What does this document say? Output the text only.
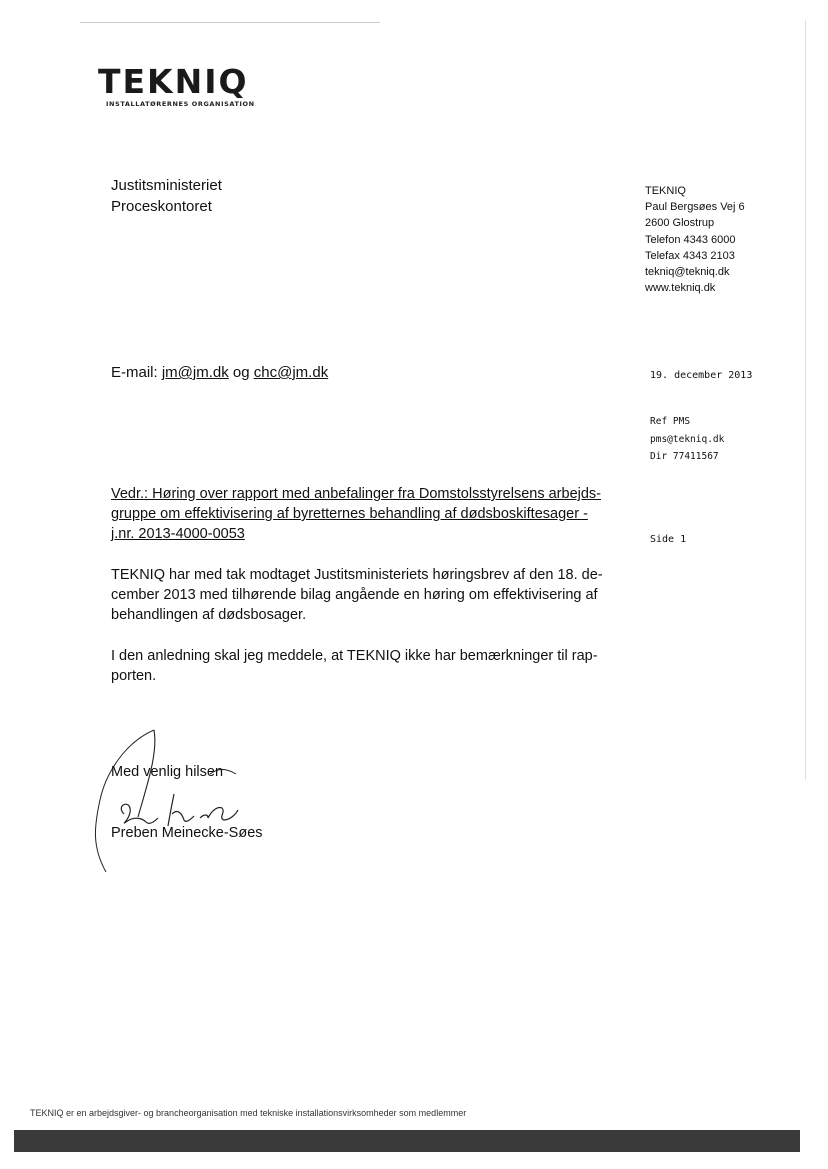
TEKNIQ
INSTALLATØRERNES ORGANISATION
Justitsministeriet
Proceskontoret
TEKNIQ
Paul Bergsøes Vej 6
2600 Glostrup
Telefon 4343 6000
Telefax 4343 2103
tekniq@tekniq.dk
www.tekniq.dk
E-mail: jm@jm.dk og chc@jm.dk	19. december 2013
Ref PMS
pms@tekniq.dk
Dir 77411567
Vedr.: Høring over rapport med anbefalinger fra Domstolsstyrelsens arbejds-
gruppe om effektivisering af byretternes behandling af dødsboskiftesager -
j.nr. 2013-4000-0053	Side 1
TEKNIQ har med tak modtaget Justitsministeriets høringsbrev af den 18. de-
cember 2013 med tilhørende bilag angående en høring om effektivisering af
behandlingen af dødsbosager.
I den anledning skal jeg meddele, at TEKNIQ ikke har bemærkninger til rap-
porten.
Med venlig hilsen
Preben Meinecke-Søes
TEKNIQ er en arbejdsgiver- og brancheorganisation med tekniske installationsvirksomheder som medlemmer
